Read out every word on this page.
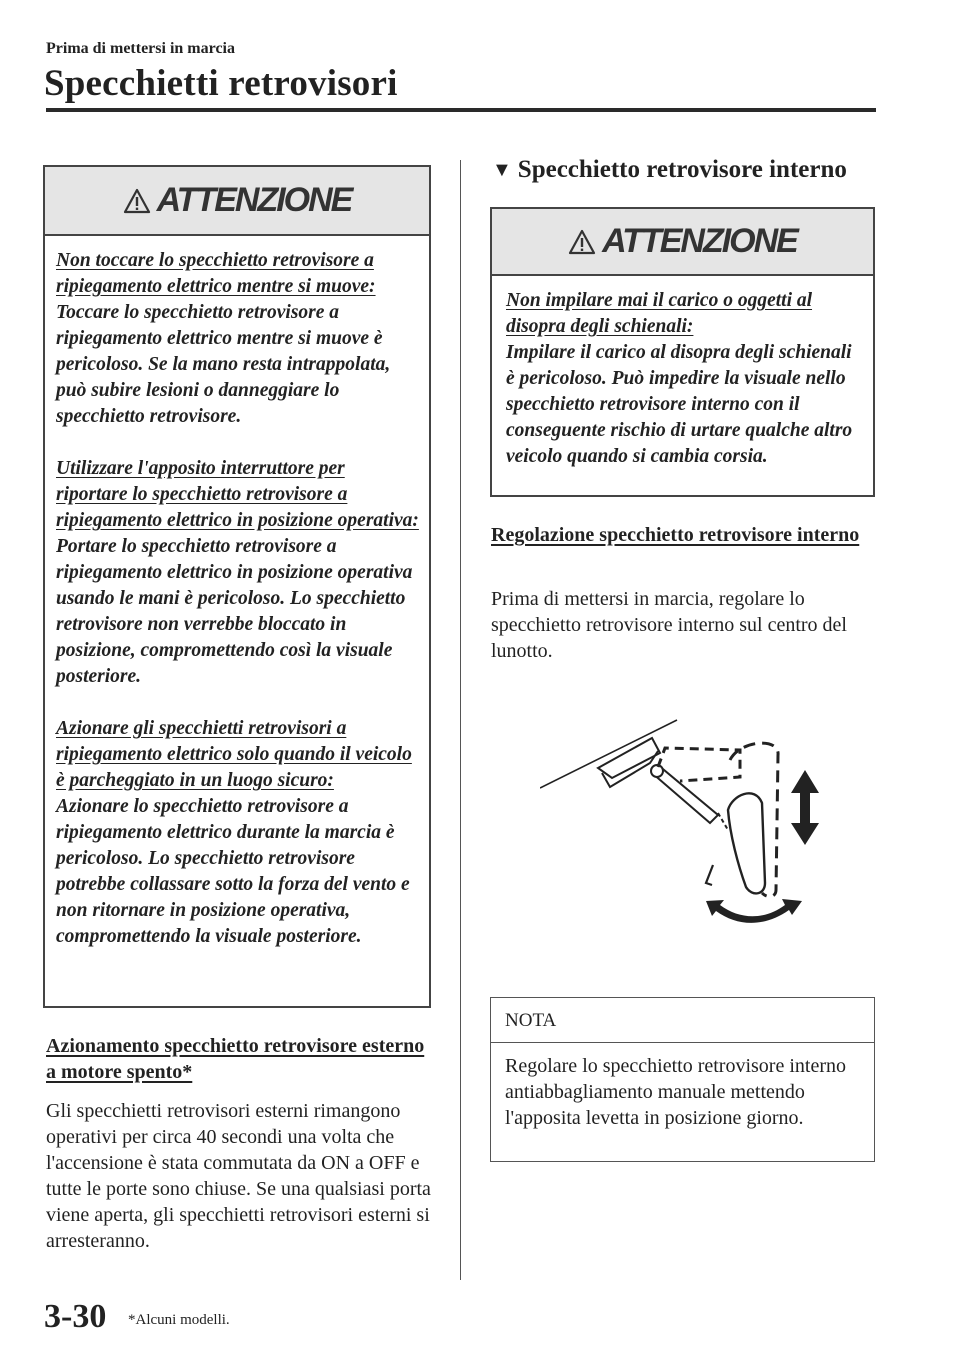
Prima di mettersi in marcia
Specchietti retrovisori
ATTENZIONE

Non toccare lo specchietto retrovisore a ripiegamento elettrico mentre si muove:

Toccare lo specchietto retrovisore a ripiegamento elettrico mentre si muove è pericoloso. Se la mano resta intrappolata, può subire lesioni o danneggiare lo specchietto retrovisore.

Utilizzare l'apposito interruttore per riportare lo specchietto retrovisore a ripiegamento elettrico in posizione operativa:

Portare lo specchietto retrovisore a ripiegamento elettrico in posizione operativa usando le mani è pericoloso. Lo specchietto retrovisore non verrebbe bloccato in posizione, compromettendo così la visuale posteriore.

Azionare gli specchietti retrovisori a ripiegamento elettrico solo quando il veicolo è parcheggiato in un luogo sicuro:

Azionare lo specchietto retrovisore a ripiegamento elettrico durante la marcia è pericoloso. Lo specchietto retrovisore potrebbe collassare sotto la forza del vento e non ritornare in posizione operativa, compromettendo la visuale posteriore.

Azionamento specchietto retrovisore esterno a motore spento*
Gli specchietti retrovisori esterni rimangono operativi per circa 40 secondi una volta che l'accensione è stata commutata da ON a OFF e tutte le porte sono chiuse. Se una qualsiasi porta viene aperta, gli specchietti retrovisori esterni si arresteranno.
▼ Specchietto retrovisore interno
ATTENZIONE

Non impilare mai il carico o oggetti al disopra degli schienali:

Impilare il carico al disopra degli schienali è pericoloso. Può impedire la visuale nello specchietto retrovisore interno con il conseguente rischio di urtare qualche altro veicolo quando si cambia corsia.

Regolazione specchietto retrovisore interno
Prima di mettersi in marcia, regolare lo specchietto retrovisore interno sul centro del lunotto.
NOTA
Regolare lo specchietto retrovisore interno antiabbagliamento manuale mettendo l'apposita levetta in posizione giorno.
3-30 *Alcuni modelli.
